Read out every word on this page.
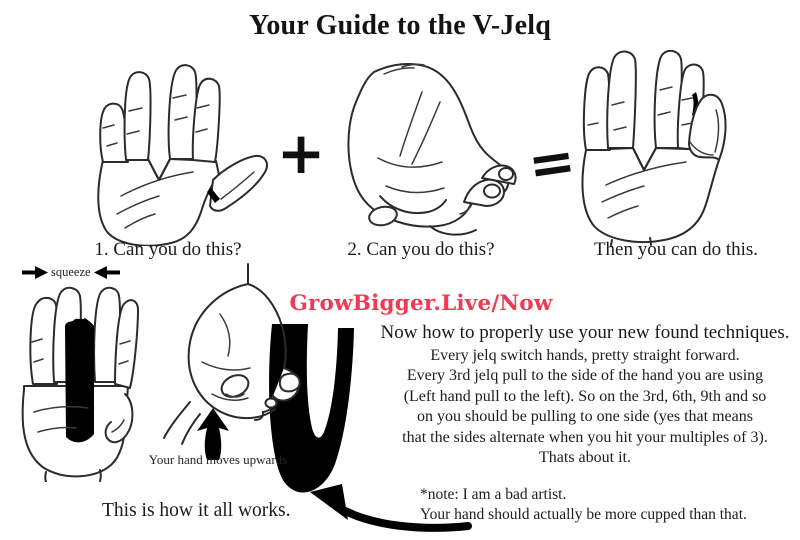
Your Guide to the V-Jelq
+	=
1. Can you do this?	2. Can you do this?	Then you can do this.
squeeze
GrowBigger.Live/Now
Now how to properly use your new found techniques.
Every jelq switch hands, pretty straight forward.
Every 3rd jelq pull to the side of the hand you are using
(Left hand pull to the left). So on the 3rd, 6th, 9th and so
on you should be pulling to one side (yes that means
that the sides alternate when you hit your multiples of 3).
Thats about it.
Your hand moves upwards
This is how it all works.
*note: I am a bad artist.
Your hand should actually be more cupped than that.
